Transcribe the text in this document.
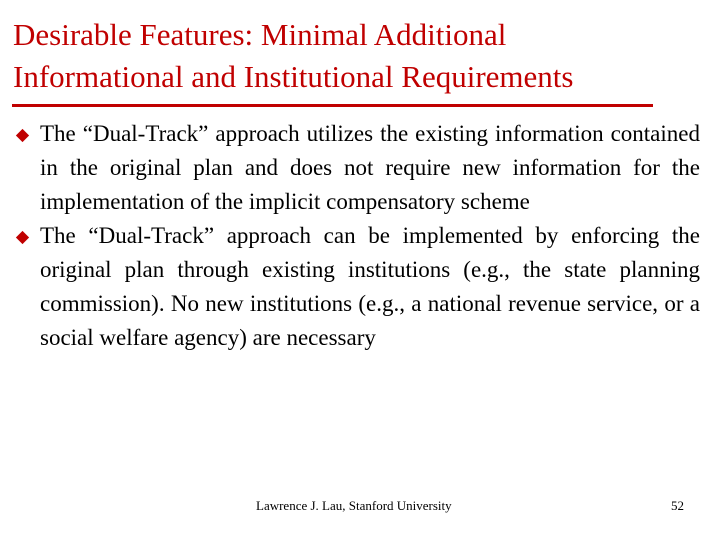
Desirable Features: Minimal Additional
Informational and Institutional Requirements
The “Dual-Track” approach utilizes the existing information contained in the original plan and does not require new information for the implementation of the implicit compensatory scheme
The “Dual-Track” approach can be implemented by enforcing the original plan through existing institutions (e.g., the state planning commission). No new institutions (e.g., a national revenue service, or a social welfare agency) are necessary
Lawrence J. Lau, Stanford University	52
